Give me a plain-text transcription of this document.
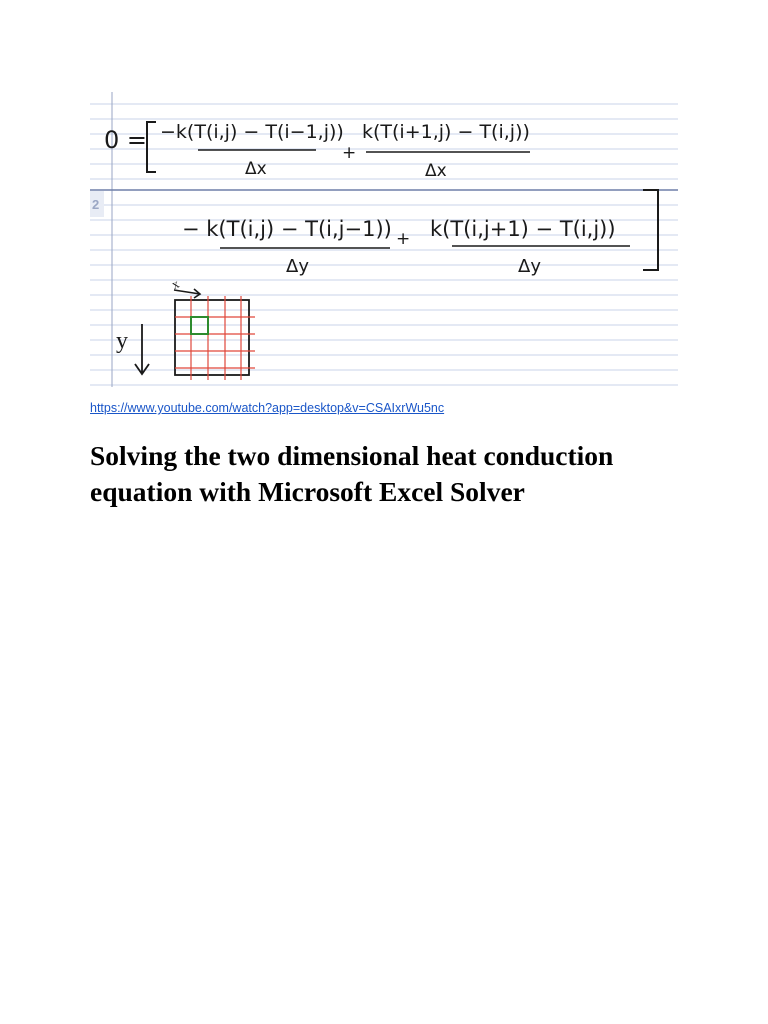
2
0 = −k(T(i,j) − T(i−1,j))
Δx
+
k(T(i+1,j) − T(i,j))
Δx
− k(T(i,j) − T(i,j−1))
Δy
+ k(T(i,j+1) − T(i,j))
Δy
x
y
https://www.youtube.com/watch?app=desktop&v=CSAIxrWu5nc
Solving the two dimensional heat conduction equation with Microsoft Excel Solver
